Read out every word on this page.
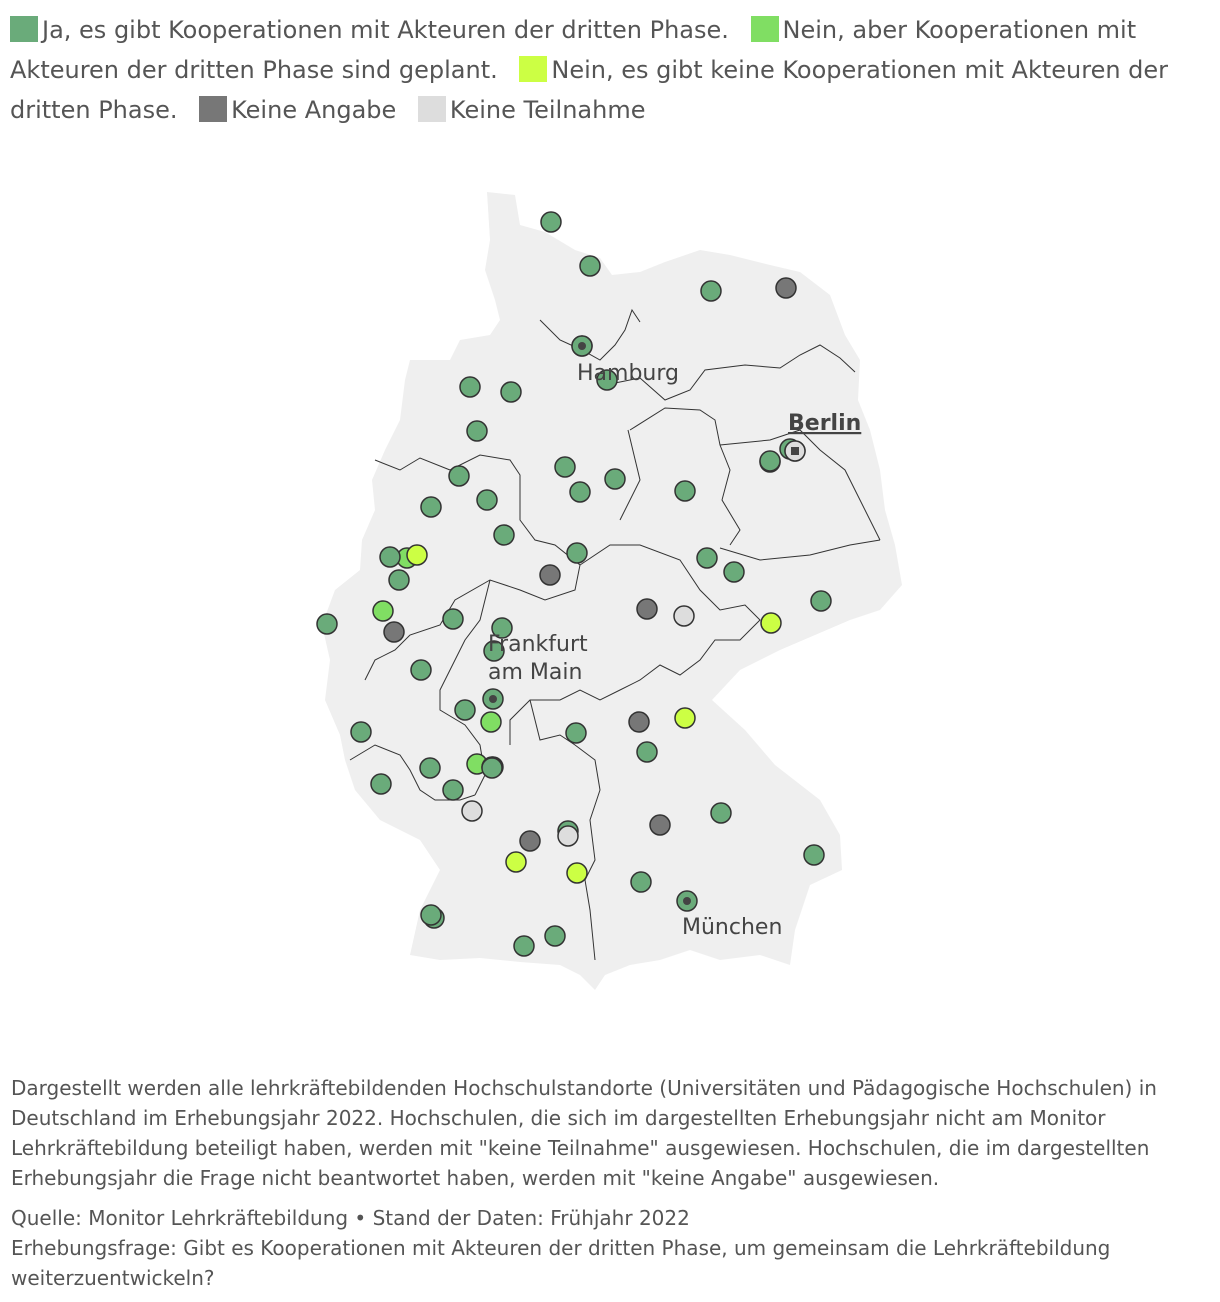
Ja, es gibt Kooperationen mit Akteuren der dritten Phase. Nein, aber Kooperationen mit Akteuren der dritten Phase sind geplant. Nein, es gibt keine Kooperationen mit Akteuren der dritten Phase. Keine Angabe Keine Teilnahme
Hamburg
Berlin
Frankfurt
am Main
München

Dargestellt werden alle lehrkräftebildenden Hochschulstandorte (Universitäten und Pädagogische Hochschulen) in Deutschland im Erhebungsjahr 2022. Hochschulen, die sich im dargestellten Erhebungsjahr nicht am Monitor Lehrkräftebildung beteiligt haben, werden mit "keine Teilnahme" ausgewiesen. Hochschulen, die im dargestellten Erhebungsjahr die Frage nicht beantwortet haben, werden mit "keine Angabe" ausgewiesen.

Quelle: Monitor Lehrkräftebildung • Stand der Daten: Frühjahr 2022

Erhebungsfrage: Gibt es Kooperationen mit Akteuren der dritten Phase, um gemeinsam die Lehrkräftebildung weiterzuentwickeln?
